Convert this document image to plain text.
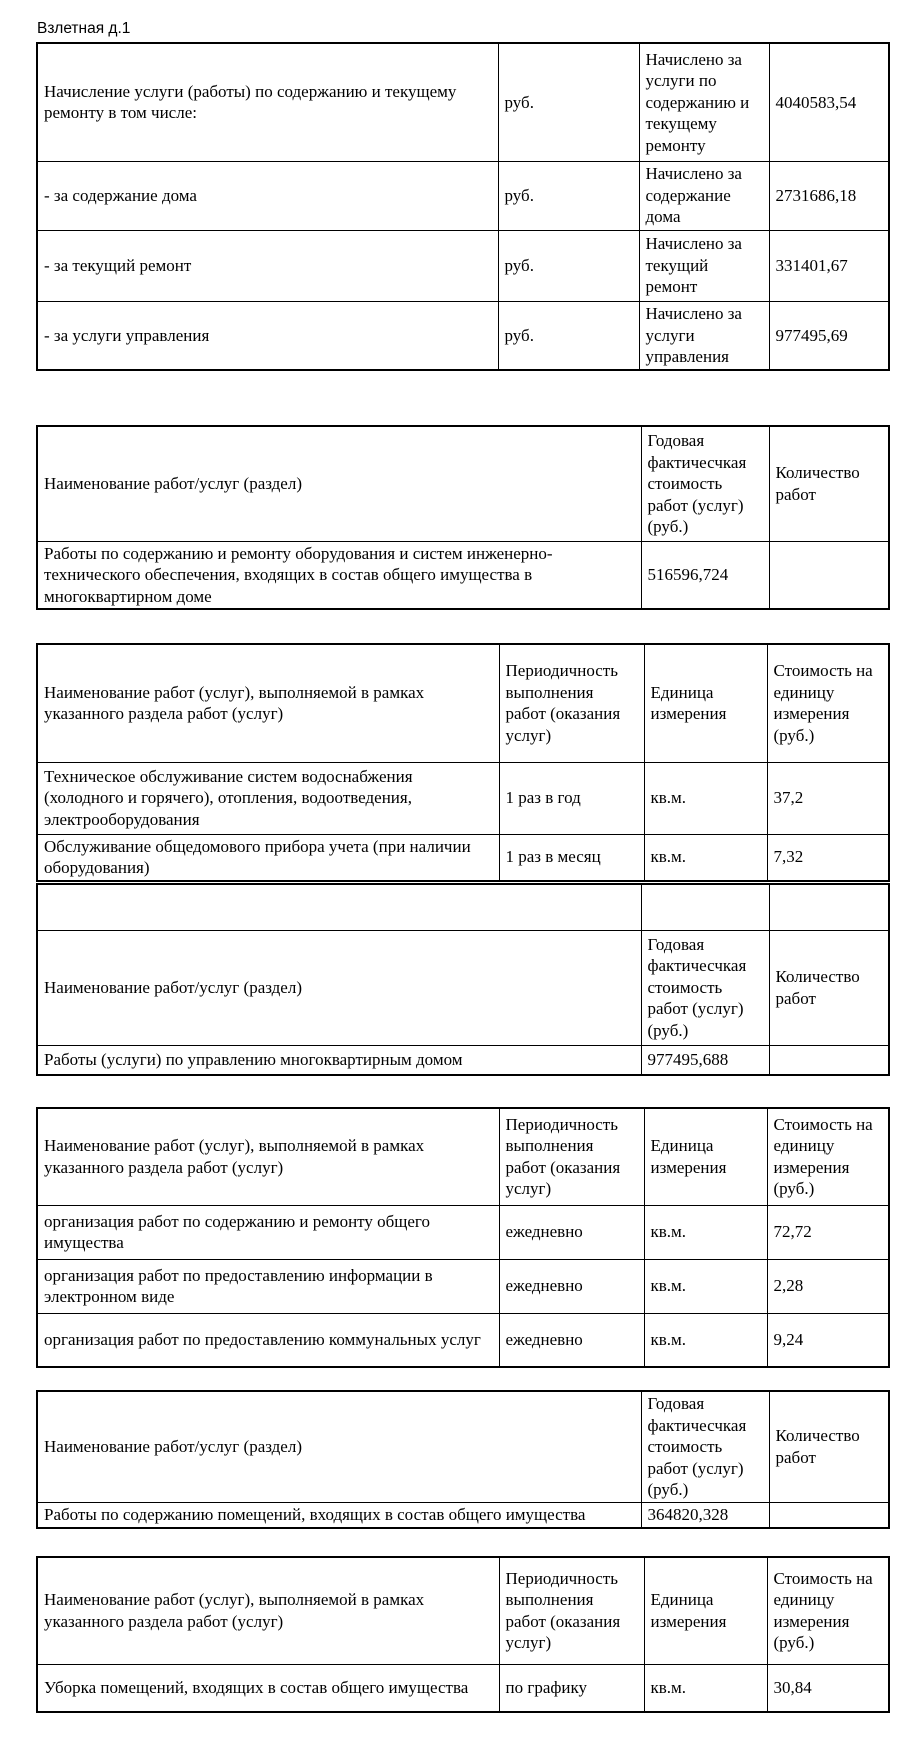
Взлетная д.1
Начисление услуги (работы) по содержанию и текущему ремонту в том числе:	руб.	Начислено за услуги по содержанию и текущему ремонту	4040583,54
- за содержание дома	руб.	Начислено за содержание дома	2731686,18
- за текущий ремонт	руб.	Начислено за текущий ремонт	331401,67
- за услуги управления	руб.	Начислено за услуги управления	977495,69
Наименование работ/услуг (раздел)	Годовая фактичесчкая стоимость работ (услуг) (руб.)	Количество работ
Работы по содержанию и ремонту оборудования и систем инженерно-технического обеспечения, входящих в состав общего имущества в многоквартирном доме	516596,724	
Наименование работ (услуг), выполняемой в рамках указанного раздела работ (услуг)	Периодичность выполнения работ (оказания услуг)	Единица измерения	Стоимость на единицу измерения (руб.)
Техническое обслуживание систем водоснабжения (холодного и горячего), отопления, водоотведения, электрооборудования	1 раз в год	кв.м.	37,2
Обслуживание общедомового прибора учета (при наличии оборудования)	1 раз в месяц	кв.м.	7,32

Наименование работ/услуг (раздел)	Годовая фактичесчкая стоимость работ (услуг) (руб.)	Количество работ
Работы (услуги) по управлению многоквартирным домом	977495,688	
Наименование работ (услуг), выполняемой в рамках указанного раздела работ (услуг)	Периодичность выполнения работ (оказания услуг)	Единица измерения	Стоимость на единицу измерения (руб.)
организация работ по содержанию и ремонту общего имущества	ежедневно	кв.м.	72,72
организация работ по предоставлению информации в электронном виде	ежедневно	кв.м.	2,28
организация работ по предоставлению коммунальных услуг	ежедневно	кв.м.	9,24
Наименование работ/услуг (раздел)	Годовая фактичесчкая стоимость работ (услуг) (руб.)	Количество работ
Работы по содержанию помещений, входящих в состав общего имущества	364820,328	
Наименование работ (услуг), выполняемой в рамках указанного раздела работ (услуг)	Периодичность выполнения работ (оказания услуг)	Единица измерения	Стоимость на единицу измерения (руб.)
Уборка помещений, входящих в состав общего имущества	по графику	кв.м.	30,84
